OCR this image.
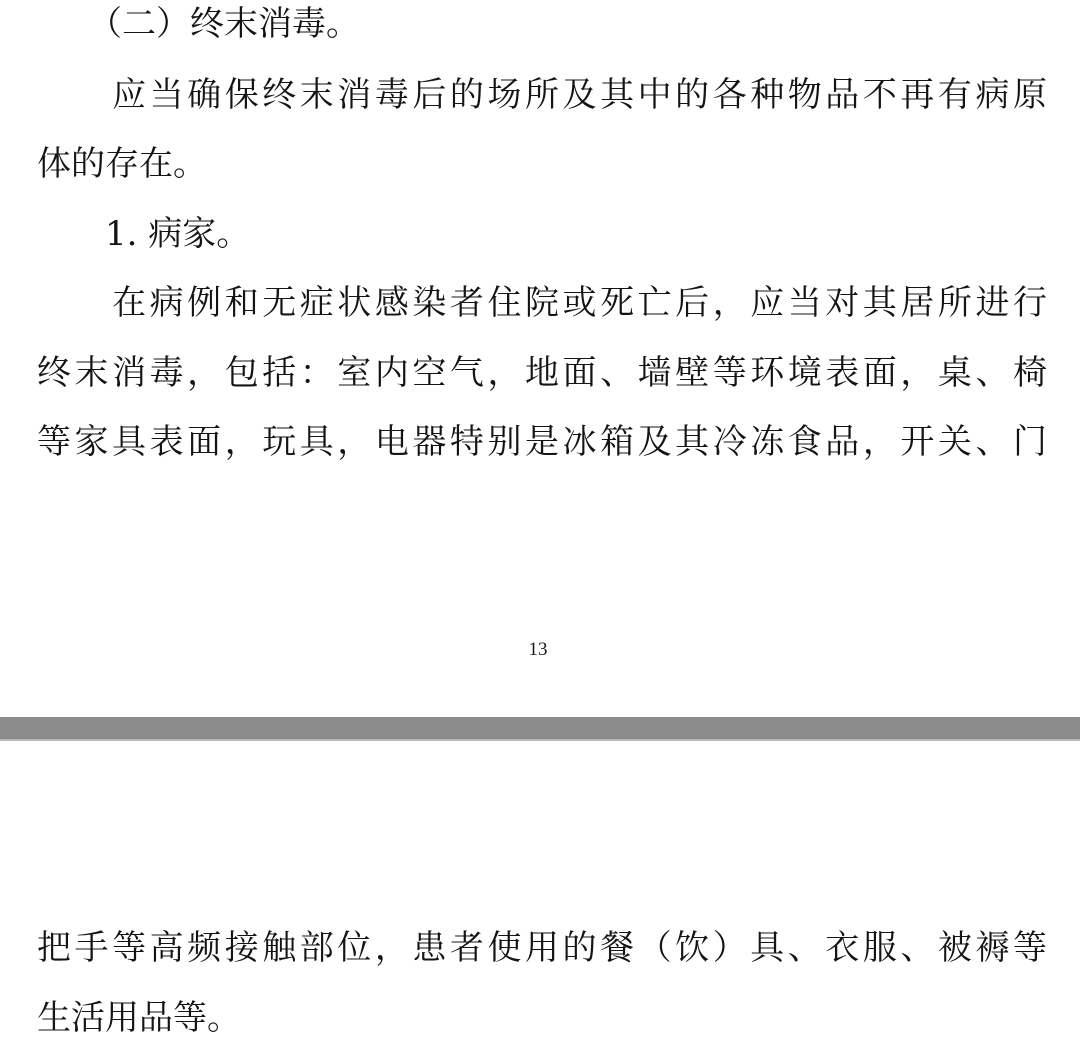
　　（二）终末消毒。

　　应当确保终末消毒后的场所及其中的各种物品不再有病原

体的存在。

　　1. 病家。

　　在病例和无症状感染者住院或死亡后，应当对其居所进行

终末消毒，包括：室内空气，地面、墙壁等环境表面，桌、椅

等家具表面，玩具，电器特别是冰箱及其冷冻食品，开关、门

13

把手等高频接触部位，患者使用的餐（饮）具、衣服、被褥等

生活用品等。
